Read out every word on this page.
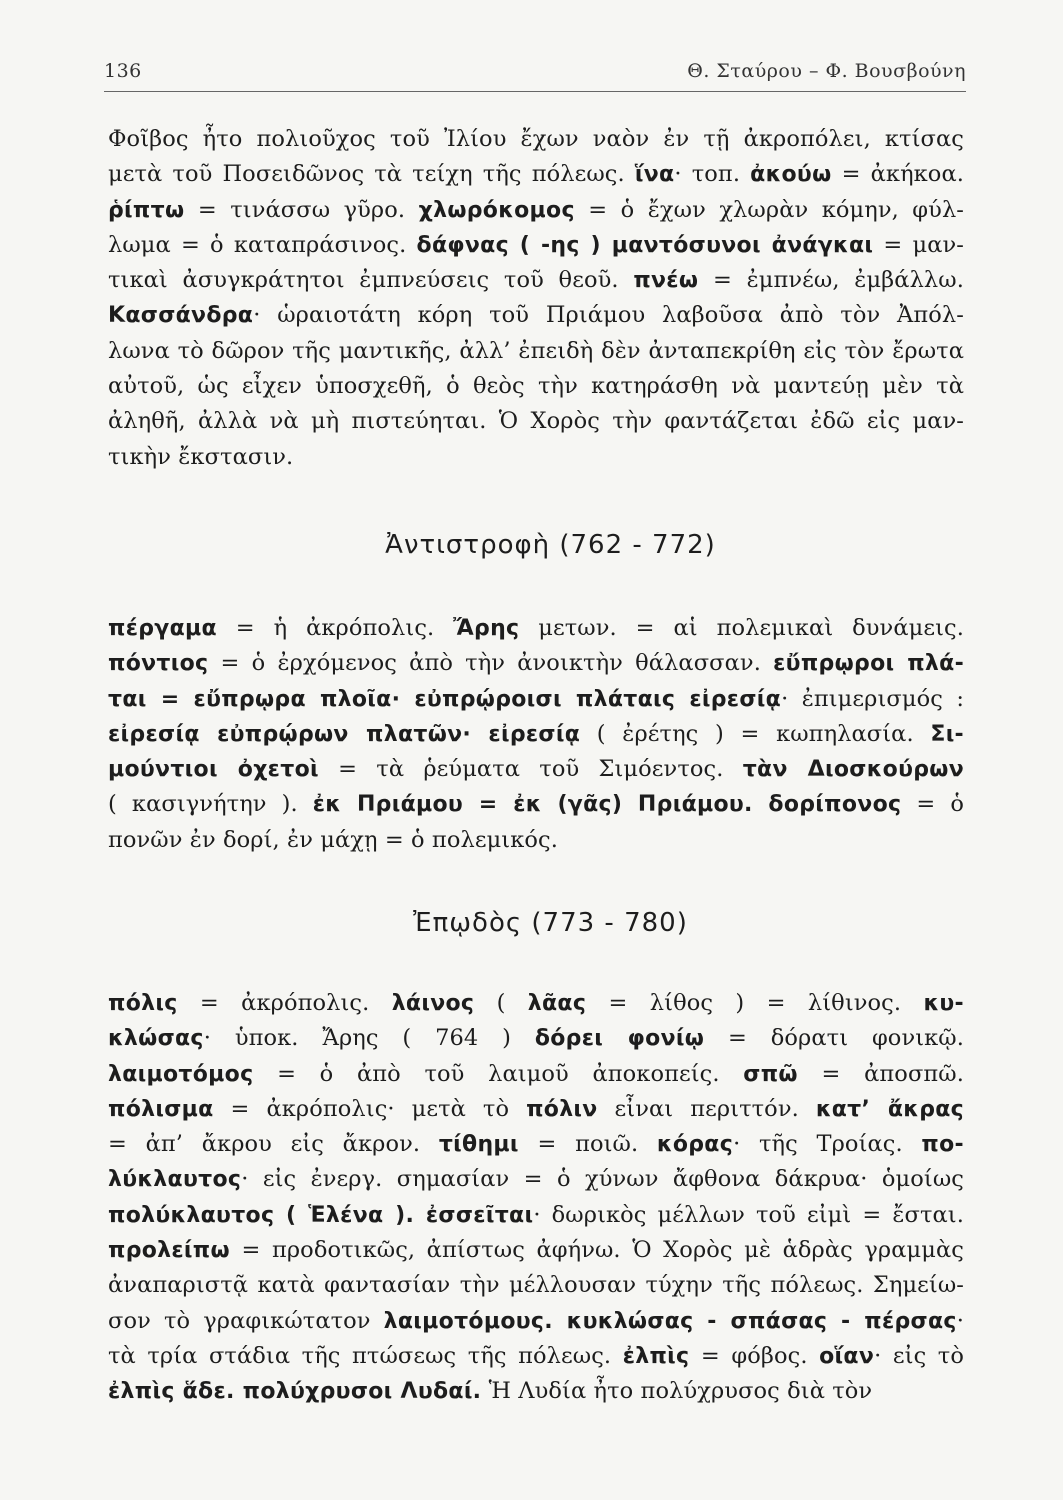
136	Θ. Σταύρου – Φ. Βουσβούνη
Φοῖβος ἦτο πολιοῦχος τοῦ Ἰλίου ἔχων ναὸν ἐν τῇ ἀκροπόλει, κτίσας
μετὰ τοῦ Ποσειδῶνος τὰ τείχη τῆς πόλεως. ἵνα· τοπ. ἀκούω = ἀκήκοα.
ῥίπτω = τινάσσω γῦρο. χλωρόκομος = ὁ ἔχων χλωρὰν κόμην, φύλ-
λωμα = ὁ καταπράσινος. δάφνας ( -ης ) μαντόσυνοι ἀνάγκαι = μαν-
τικαὶ ἀσυγκράτητοι ἐμπνεύσεις τοῦ θεοῦ. πνέω = ἐμπνέω, ἐμβάλλω.
Κασσάνδρα· ὡραιοτάτη κόρη τοῦ Πριάμου λαβοῦσα ἀπὸ τὸν Ἀπόλ-
λωνα τὸ δῶρον τῆς μαντικῆς, ἀλλ’ ἐπειδὴ δὲν ἀνταπεκρίθη εἰς τὸν ἔρωτα
αὐτοῦ, ὡς εἶχεν ὑποσχεθῆ, ὁ θεὸς τὴν κατηράσθη νὰ μαντεύῃ μὲν τὰ
ἀληθῆ, ἀλλὰ νὰ μὴ πιστεύηται. Ὁ Χορὸς τὴν φαντάζεται ἐδῶ εἰς μαν-
τικὴν ἔκστασιν.
Ἀντιστροφὴ (762 - 772)
πέργαμα = ἡ ἀκρόπολις. Ἄρης μετων. = αἱ πολεμικαὶ δυνάμεις.
πόντιος = ὁ ἐρχόμενος ἀπὸ τὴν ἀνοικτὴν θάλασσαν. εὔπρῳροι πλά-
ται = εὔπρῳρα πλοῖα· εὐπρῴροισι πλάταις εἰρεσίᾳ· ἐπιμερισμός :
εἰρεσίᾳ εὐπρῴρων πλατῶν· εἰρεσίᾳ ( ἐρέτης ) = κωπηλασία. Σι-
μούντιοι ὀχετοὶ = τὰ ῥεύματα τοῦ Σιμόεντος. τὰν Διοσκούρων
( κασιγνήτην ). ἐκ Πριάμου = ἐκ (γᾶς) Πριάμου. δορίπονος = ὁ
πονῶν ἐν δορί, ἐν μάχῃ = ὁ πολεμικός.
Ἐπῳδὸς (773 - 780)
πόλις = ἀκρόπολις. λάινος ( λᾶας = λίθος ) = λίθινος. κυ-
κλώσας· ὑποκ. Ἄρης ( 764 ) δόρει φονίῳ = δόρατι φονικῷ.
λαιμοτόμος = ὁ ἀπὸ τοῦ λαιμοῦ ἀποκοπείς. σπῶ = ἀποσπῶ.
πόλισμα = ἀκρόπολις· μετὰ τὸ πόλιν εἶναι περιττόν. κατ’ ἄκρας
= ἀπ’ ἄκρου εἰς ἄκρον. τίθημι = ποιῶ. κόρας· τῆς Τροίας. πο-
λύκλαυτος· εἰς ἐνεργ. σημασίαν = ὁ χύνων ἄφθονα δάκρυα· ὁμοίως
πολύκλαυτος ( Ἑλένα ). ἐσσεῖται· δωρικὸς μέλλων τοῦ εἰμὶ = ἔσται.
προλείπω = προδοτικῶς, ἀπίστως ἀφήνω. Ὁ Χορὸς μὲ ἁδρὰς γραμμὰς
ἀναπαριστᾷ κατὰ φαντασίαν τὴν μέλλουσαν τύχην τῆς πόλεως. Σημείω-
σον τὸ γραφικώτατον λαιμοτόμους. κυκλώσας - σπάσας - πέρσας·
τὰ τρία στάδια τῆς πτώσεως τῆς πόλεως. ἐλπὶς = φόβος. οἵαν· εἰς τὸ
ἐλπὶς ἅδε. πολύχρυσοι Λυδαί. Ἡ Λυδία ἦτο πολύχρυσος διὰ τὸν
